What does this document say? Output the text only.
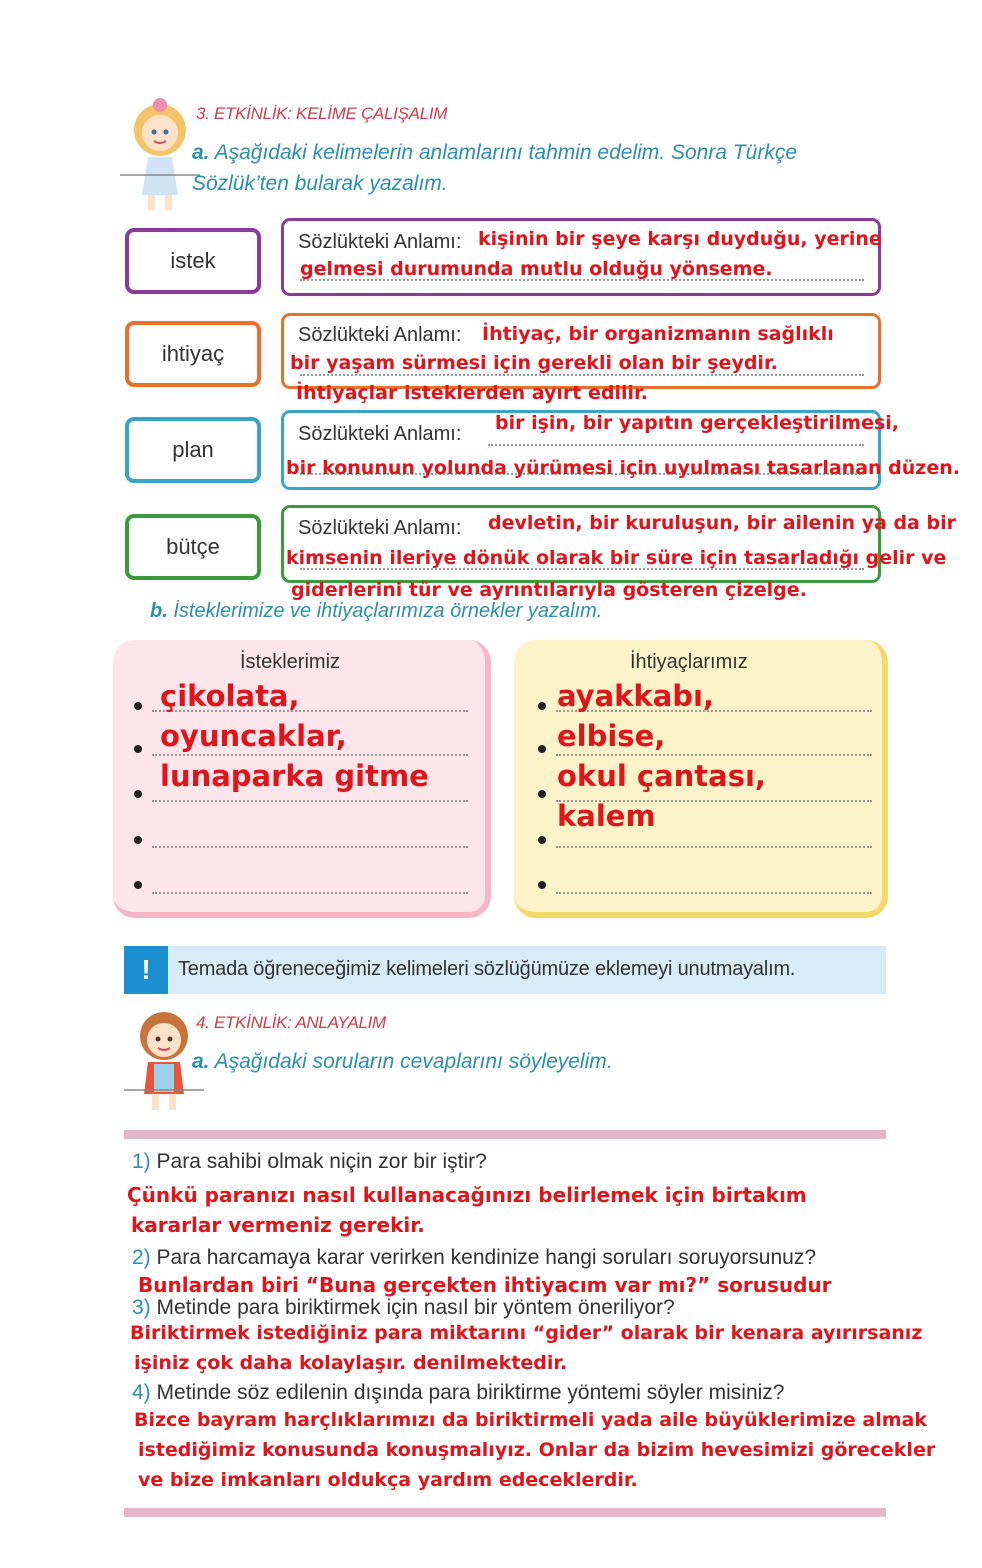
3. ETKİNLİK: KELİME ÇALIŞALIM
a. Aşağıdaki kelimelerin anlamlarını tahmin edelim. Sonra Türkçe
Sözlük’ten bularak yazalım.
istek
Sözlükteki Anlamı: kişinin bir şeye karşı duyduğu, yerine
gelmesi durumunda mutlu olduğu yönseme.
ihtiyaç
Sözlükteki Anlamı: İhtiyaç, bir organizmanın sağlıklı
bir yaşam sürmesi için gerekli olan bir şeydir.
İhtiyaçlar isteklerden ayırt edilir.
plan
Sözlükteki Anlamı: bir işin, bir yapıtın gerçekleştirilmesi,
bir konunun yolunda yürümesi için uyulması tasarlanan düzen.
bütçe
Sözlükteki Anlamı: devletin, bir kuruluşun, bir ailenin ya da bir
kimsenin ileriye dönük olarak bir süre için tasarladığı gelir ve
giderlerini tür ve ayrıntılarıyla gösteren çizelge.
b. İsteklerimize ve ihtiyaçlarımıza örnekler yazalım.
İsteklerimiz
çikolata,
oyuncaklar,
lunaparka gitme
İhtiyaçlarımız
ayakkabı,
elbise,
okul çantası,
kalem
! Temada öğreneceğimiz kelimeleri sözlüğümüze eklemeyi unutmayalım.
4. ETKİNLİK: ANLAYALIM
a. Aşağıdaki soruların cevaplarını söyleyelim.
1) Para sahibi olmak niçin zor bir iştir?
Çünkü paranızı nasıl kullanacağınızı belirlemek için birtakım
kararlar vermeniz gerekir.
2) Para harcamaya karar verirken kendinize hangi soruları soruyorsunuz?
Bunlardan biri “Buna gerçekten ihtiyacım var mı?” sorusudur
3) Metinde para biriktirmek için nasıl bir yöntem öneriliyor?
Biriktirmek istediğiniz para miktarını “gider” olarak bir kenara ayırırsanız
işiniz çok daha kolaylaşır. denilmektedir.
4) Metinde söz edilenin dışında para biriktirme yöntemi söyler misiniz?
Bizce bayram harçlıklarımızı da biriktirmeli yada aile büyüklerimize almak
istediğimiz konusunda konuşmalıyız. Onlar da bizim hevesimizi görecekler
ve bize imkanları oldukça yardım edeceklerdir.
